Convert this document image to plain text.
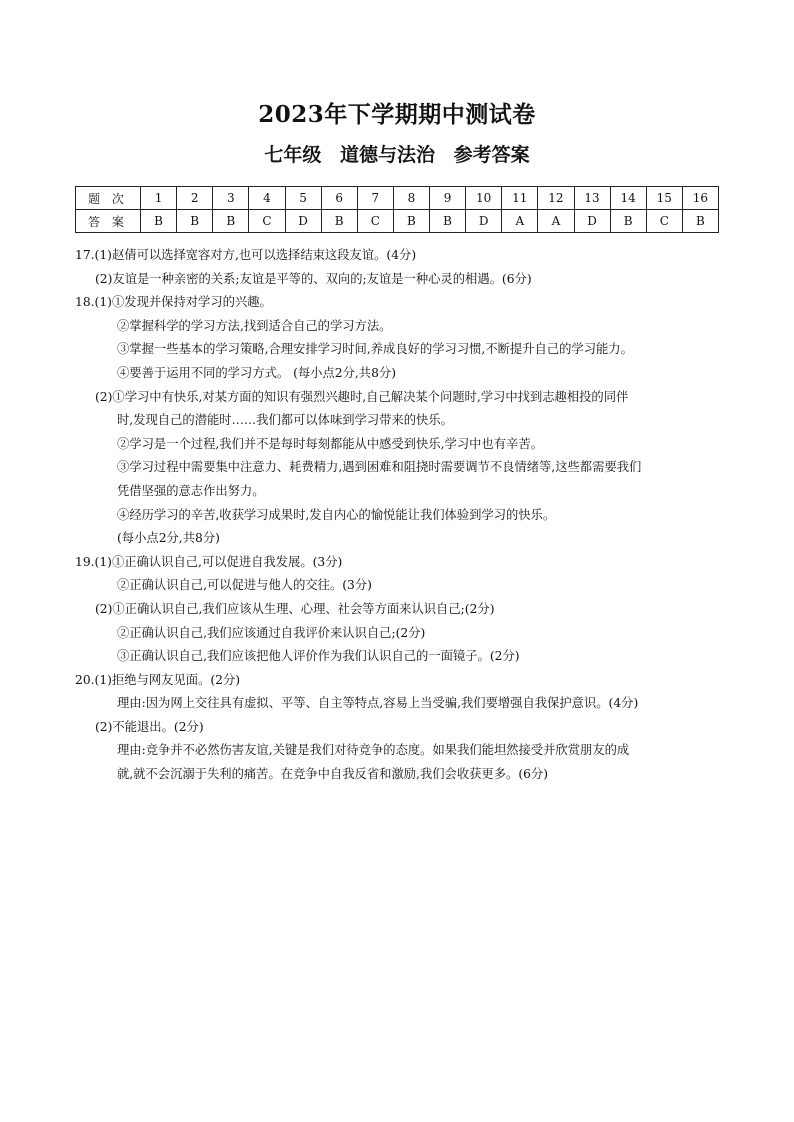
2023年下学期期中测试卷
七年级 道德与法治 参考答案
题 次	1	2	3	4	5	6	7	8	9	10	11	12	13	14	15	16
答 案	B	B	B	C	D	B	C	B	B	D	A	A	D	B	C	B
17.(1)赵倩可以选择宽容对方,也可以选择结束这段友谊。(4分)
(2)友谊是一种亲密的关系;友谊是平等的、双向的;友谊是一种心灵的相遇。(6分)
18.(1)①发现并保持对学习的兴趣。
②掌握科学的学习方法,找到适合自己的学习方法。
③掌握一些基本的学习策略,合理安排学习时间,养成良好的学习习惯,不断提升自己的学习能力。
④要善于运用不同的学习方式。 (每小点2分,共8分)
(2)①学习中有快乐,对某方面的知识有强烈兴趣时,自己解决某个问题时,学习中找到志趣相投的同伴
时,发现自己的潜能时……我们都可以体味到学习带来的快乐。
②学习是一个过程,我们并不是每时每刻都能从中感受到快乐,学习中也有辛苦。
③学习过程中需要集中注意力、耗费精力,遇到困难和阻挠时需要调节不良情绪等,这些都需要我们
凭借坚强的意志作出努力。
④经历学习的辛苦,收获学习成果时,发自内心的愉悦能让我们体验到学习的快乐。
(每小点2分,共8分)
19.(1)①正确认识自己,可以促进自我发展。(3分)
②正确认识自己,可以促进与他人的交往。(3分)
(2)①正确认识自己,我们应该从生理、心理、社会等方面来认识自己;(2分)
②正确认识自己,我们应该通过自我评价来认识自己;(2分)
③正确认识自己,我们应该把他人评价作为我们认识自己的一面镜子。(2分)
20.(1)拒绝与网友见面。(2分)
理由:因为网上交往具有虚拟、平等、自主等特点,容易上当受骗,我们要增强自我保护意识。(4分)
(2)不能退出。(2分)
理由:竞争并不必然伤害友谊,关键是我们对待竞争的态度。如果我们能坦然接受并欣赏朋友的成
就,就不会沉溺于失利的痛苦。在竞争中自我反省和激励,我们会收获更多。(6分)
